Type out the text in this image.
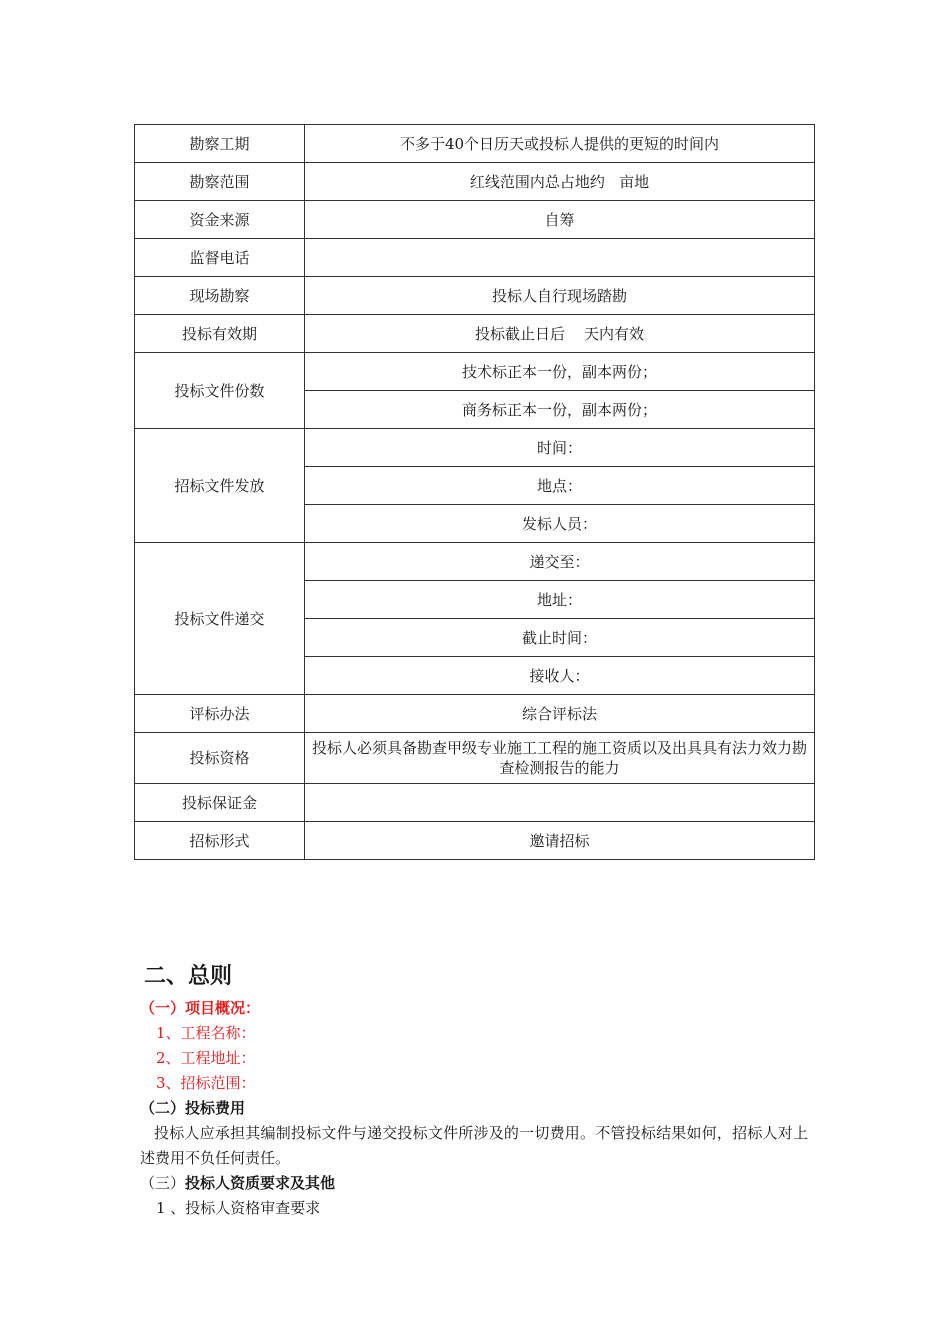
勘察工期	不多于40个日历天或投标人提供的更短的时间内
勘察范围	红线范围内总占地约   亩地
资金来源	自筹
监督电话	
现场勘察	投标人自行现场踏勘
投标有效期	投标截止日后    天内有效
投标文件份数	技术标正本一份，副本两份；
	商务标正本一份，副本两份；
招标文件发放	时间：
	地点：
	发标人员：
投标文件递交	递交至：
	地址：
	截止时间：
	接收人：
评标办法	综合评标法
投标资格	投标人必须具备勘查甲级专业施工工程的施工资质以及出具具有法力效力勘查检测报告的能力
投标保证金	
招标形式	邀请招标
二、总则
（一）项目概况：
1、工程名称：
2、工程地址：
3、招标范围：
（二）投标费用
投标人应承担其编制投标文件与递交投标文件所涉及的一切费用。不管投标结果如何，招标人对上述费用不负任何责任。
（三）投标人资质要求及其他
1 、投标人资格审查要求
